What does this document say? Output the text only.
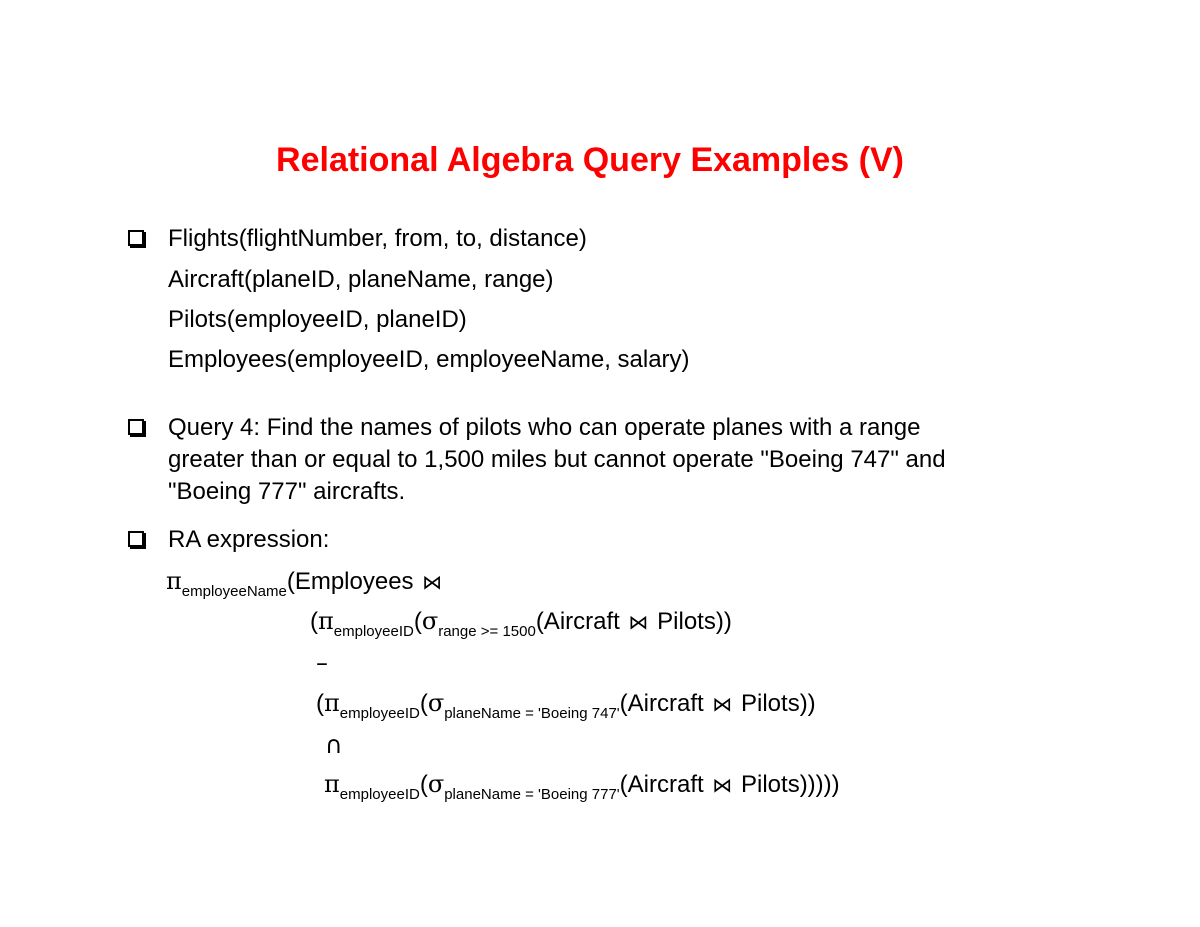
Relational Algebra Query Examples (V)
Flights(flightNumber, from, to, distance)
Aircraft(planeID, planeName, range)
Pilots(employeeID, planeID)
Employees(employeeID, employeeName, salary)
Query 4: Find the names of pilots who can operate planes with a range
greater than or equal to 1,500 miles but cannot operate "Boeing 747" and
"Boeing 777" aircrafts.
RA expression:
$\pi_{employeeName}(Employees$ ⋈
($\pi_{employeeID}(\sigma_{range >= 1500}(Aircraft$ ⋈ Pilots))
–
($\pi_{employeeID}(\sigma_{planeName = 'Boeing 747'}(Aircraft$ ⋈ Pilots))
∩
$\pi_{employeeID}(\sigma_{planeName = 'Boeing 777'}(Aircraft$ ⋈ Pilots)))))
